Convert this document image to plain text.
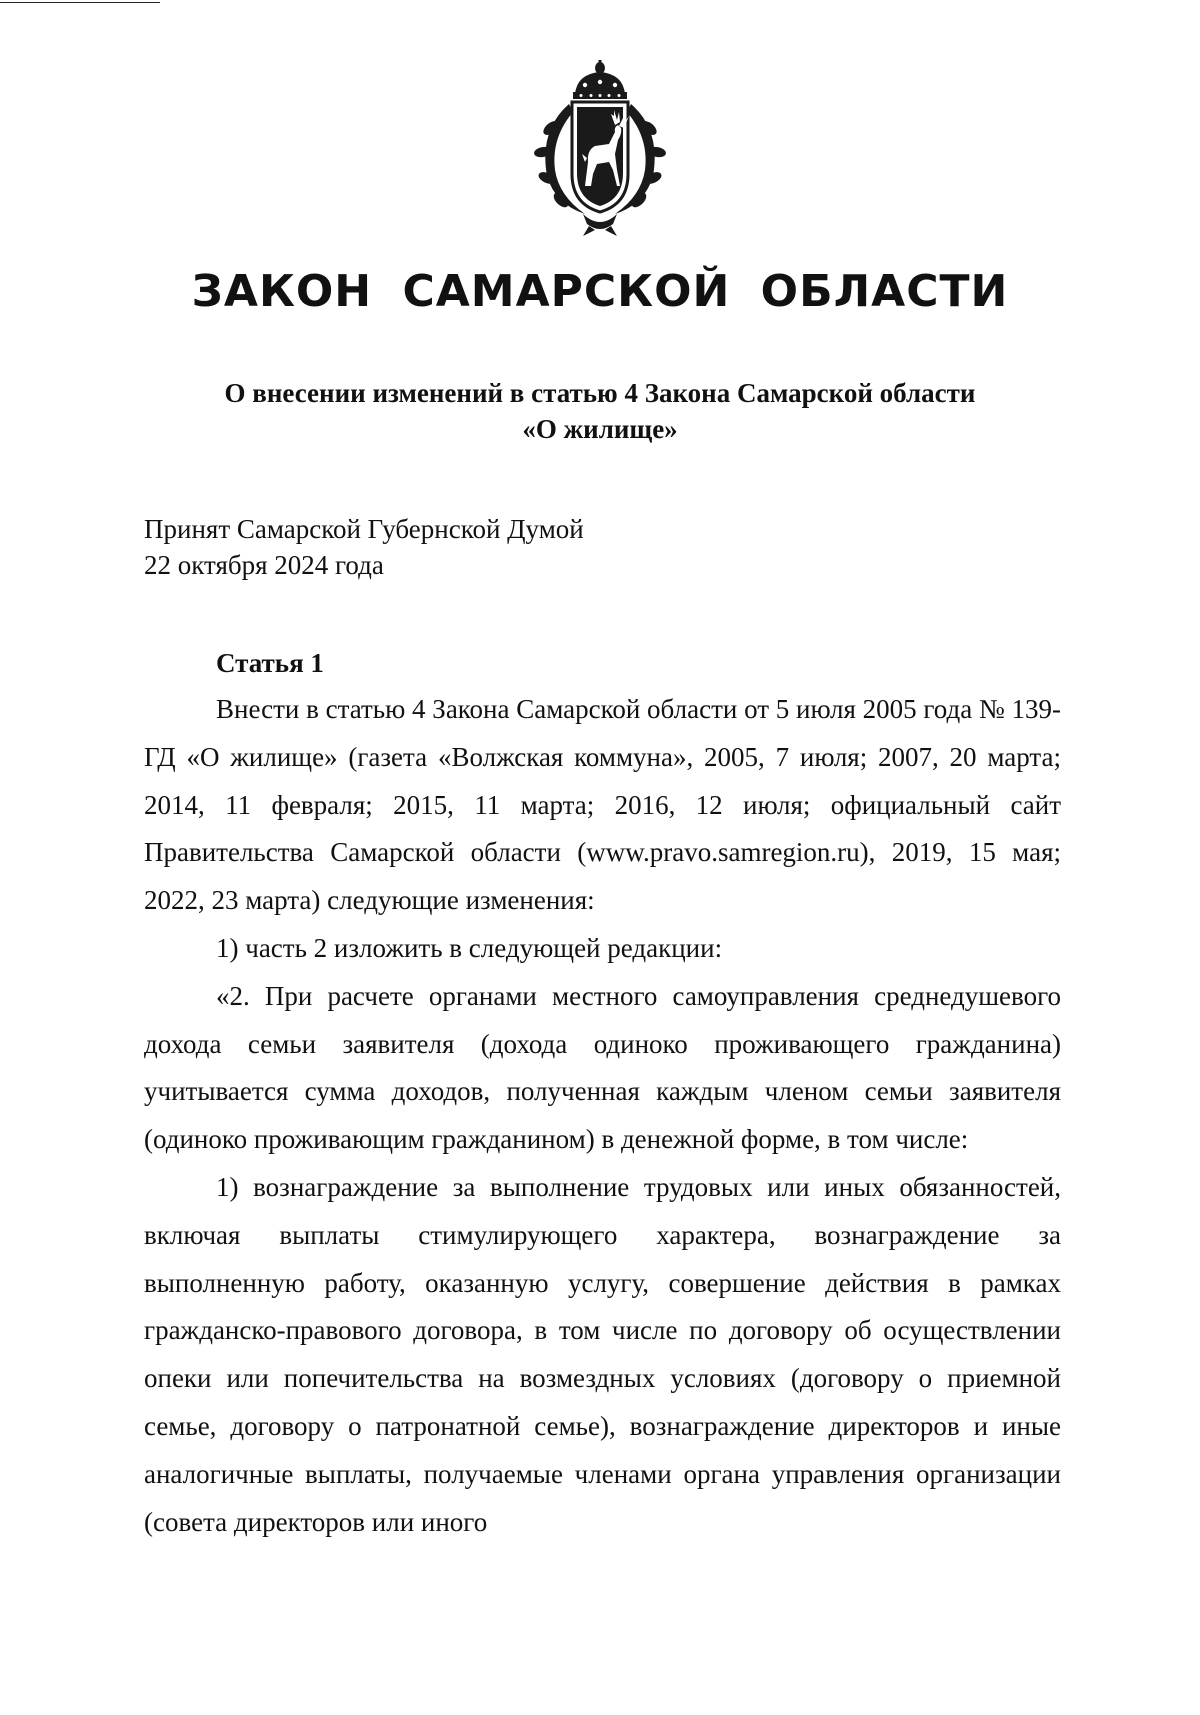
ЗАКОН САМАРСКОЙ ОБЛАСТИ

О внесении изменений в статью 4 Закона Самарской области

«О жилище»

Принят Самарской Губернской Думой

22 октября 2024 года

Статья 1

Внести в статью 4 Закона Самарской области от 5 июля 2005 года № 139-ГД «О жилище» (газета «Волжская коммуна», 2005, 7 июля; 2007, 20 марта; 2014, 11 февраля; 2015, 11 марта; 2016, 12 июля; официальный сайт Правительства Самарской области (www.pravo.samregion.ru), 2019, 15 мая; 2022, 23 марта) следующие изменения:

1) часть 2 изложить в следующей редакции:

«2. При расчете органами местного самоуправления среднедушевого дохода семьи заявителя (дохода одиноко проживающего гражданина) учитывается сумма доходов, полученная каждым членом семьи заявителя (одиноко проживающим гражданином) в денежной форме, в том числе:

1) вознаграждение за выполнение трудовых или иных обязанностей, включая выплаты стимулирующего характера, вознаграждение за выполненную работу, оказанную услугу, совершение действия в рамках гражданско-правового договора, в том числе по договору об осуществлении опеки или попечительства на возмездных условиях (договору о приемной семье, договору о патронатной семье), вознаграждение директоров и иные аналогичные выплаты, получаемые членами органа управления организации (совета директоров или иного
